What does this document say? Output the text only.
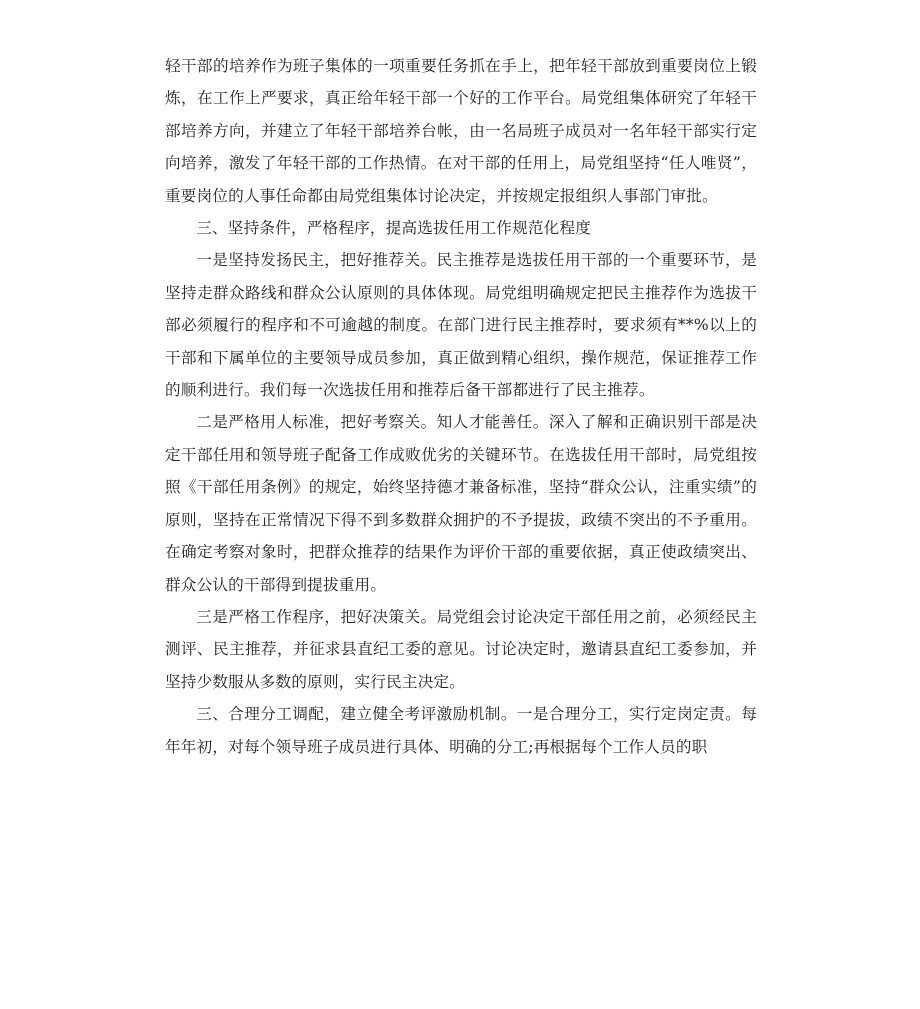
轻干部的培养作为班子集体的一项重要任务抓在手上，把年轻干部放到重要岗位上锻炼，在工作上严要求，真正给年轻干部一个好的工作平台。局党组集体研究了年轻干部培养方向，并建立了年轻干部培养台帐，由一名局班子成员对一名年轻干部实行定向培养，激发了年轻干部的工作热情。在对干部的任用上，局党组坚持“任人唯贤”，重要岗位的人事任命都由局党组集体讨论决定，并按规定报组织人事部门审批。

三、坚持条件，严格程序，提高选拔任用工作规范化程度

一是坚持发扬民主，把好推荐关。民主推荐是选拔任用干部的一个重要环节，是坚持走群众路线和群众公认原则的具体体现。局党组明确规定把民主推荐作为选拔干部必须履行的程序和不可逾越的制度。在部门进行民主推荐时，要求须有**%以上的干部和下属单位的主要领导成员参加，真正做到精心组织，操作规范，保证推荐工作的顺利进行。我们每一次选拔任用和推荐后备干部都进行了民主推荐。

二是严格用人标准，把好考察关。知人才能善任。深入了解和正确识别干部是决定干部任用和领导班子配备工作成败优劣的关键环节。在选拔任用干部时，局党组按照《干部任用条例》的规定，始终坚持德才兼备标准，坚持“群众公认，注重实绩”的原则，坚持在正常情况下得不到多数群众拥护的不予提拔，政绩不突出的不予重用。在确定考察对象时，把群众推荐的结果作为评价干部的重要依据，真正使政绩突出、群众公认的干部得到提拔重用。

三是严格工作程序，把好决策关。局党组会讨论决定干部任用之前，必须经民主测评、民主推荐，并征求县直纪工委的意见。讨论决定时，邀请县直纪工委参加，并坚持少数服从多数的原则，实行民主决定。

三、合理分工调配，建立健全考评激励机制。一是合理分工，实行定岗定责。每年年初，对每个领导班子成员进行具体、明确的分工;再根据每个工作人员的职
